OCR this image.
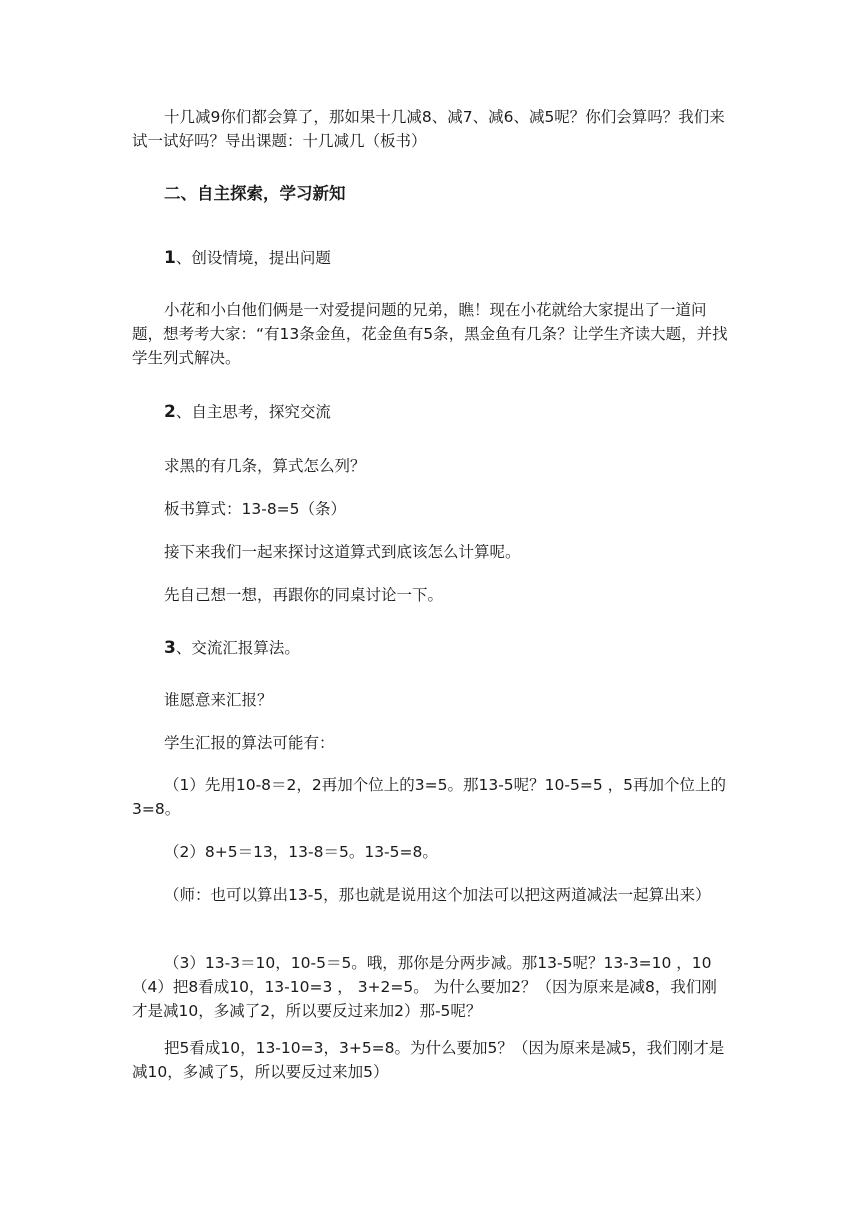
十几减9你们都会算了，那如果十几减8、减7、减6、减5呢？你们会算吗？我们来试一试好吗？导出课题：十几减几（板书）

二、自主探索，学习新知

1、创设情境，提出问题

小花和小白他们俩是一对爱提问题的兄弟，瞧！现在小花就给大家提出了一道问题，想考考大家：“有13条金鱼，花金鱼有5条，黑金鱼有几条？让学生齐读大题，并找学生列式解决。

2、自主思考，探究交流

求黑的有几条，算式怎么列？

板书算式：13-8=5（条）

接下来我们一起来探讨这道算式到底该怎么计算呢。

先自己想一想，再跟你的同桌讨论一下。

3、交流汇报算法。

谁愿意来汇报？

学生汇报的算法可能有：

（1）先用10-8＝2，2再加个位上的3=5。那13-5呢？10-5=5 ，5再加个位上的3=8。

（2）8+5＝13，13-8＝5。13-5=8。

（师：也可以算出13-5，那也就是说用这个加法可以把这两道减法一起算出来）

（3）13-3＝10，10-5＝5。哦，那你是分两步减。那13-5呢？13-3=10 ，10（4）把8看成10，13-10=3 ， 3+2=5。 为什么要加2？（因为原来是减8，我们刚才是减10，多减了2，所以要反过来加2）那-5呢？

把5看成10，13-10=3，3+5=8。为什么要加5？（因为原来是减5，我们刚才是减10，多减了5，所以要反过来加5）
